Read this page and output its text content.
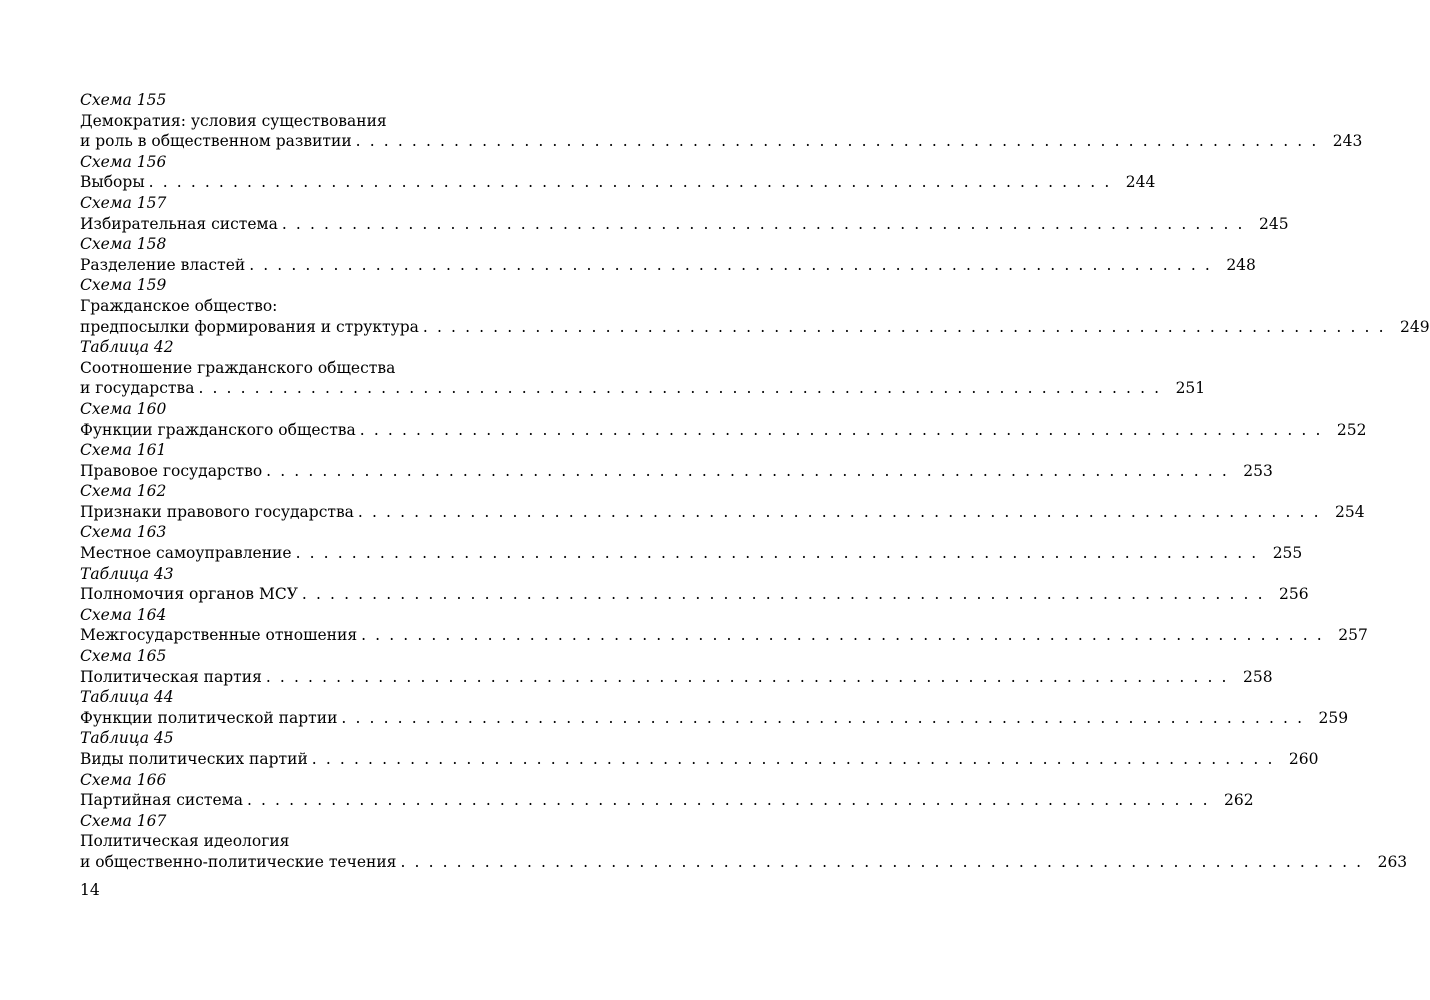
Схема 155
Демократия: условия существования
и роль в общественном развитии . . . . . . . . . . . . . . . . . . . . . . . . . . . . . . . . . . . . . . . . . . . . . . . . . . . . . . . . . . . . . . . . . . . . . 243
Схема 156
Выборы . . . . . . . . . . . . . . . . . . . . . . . . . . . . . . . . . . . . . . . . . . . . . . . . . . . . . . . . . . . . . . . . . . . . . 244
Схема 157
Избирательная система . . . . . . . . . . . . . . . . . . . . . . . . . . . . . . . . . . . . . . . . . . . . . . . . . . . . . . . . . . . . . . . . . . . . . 245
Схема 158
Разделение властей . . . . . . . . . . . . . . . . . . . . . . . . . . . . . . . . . . . . . . . . . . . . . . . . . . . . . . . . . . . . . . . . . . . . . 248
Схема 159
Гражданское общество:
предпосылки формирования и структура . . . . . . . . . . . . . . . . . . . . . . . . . . . . . . . . . . . . . . . . . . . . . . . . . . . . . . . . . . . . . . . . . . . . . 249
Таблица 42
Соотношение гражданского общества
и государства . . . . . . . . . . . . . . . . . . . . . . . . . . . . . . . . . . . . . . . . . . . . . . . . . . . . . . . . . . . . . . . . . . . . . 251
Схема 160
Функции гражданского общества . . . . . . . . . . . . . . . . . . . . . . . . . . . . . . . . . . . . . . . . . . . . . . . . . . . . . . . . . . . . . . . . . . . . . 252
Схема 161
Правовое государство . . . . . . . . . . . . . . . . . . . . . . . . . . . . . . . . . . . . . . . . . . . . . . . . . . . . . . . . . . . . . . . . . . . . . 253
Схема 162
Признаки правового государства . . . . . . . . . . . . . . . . . . . . . . . . . . . . . . . . . . . . . . . . . . . . . . . . . . . . . . . . . . . . . . . . . . . . . 254
Схема 163
Местное самоуправление . . . . . . . . . . . . . . . . . . . . . . . . . . . . . . . . . . . . . . . . . . . . . . . . . . . . . . . . . . . . . . . . . . . . . 255
Таблица 43
Полномочия органов МСУ . . . . . . . . . . . . . . . . . . . . . . . . . . . . . . . . . . . . . . . . . . . . . . . . . . . . . . . . . . . . . . . . . . . . . 256
Схема 164
Межгосударственные отношения . . . . . . . . . . . . . . . . . . . . . . . . . . . . . . . . . . . . . . . . . . . . . . . . . . . . . . . . . . . . . . . . . . . . . 257
Схема 165
Политическая партия . . . . . . . . . . . . . . . . . . . . . . . . . . . . . . . . . . . . . . . . . . . . . . . . . . . . . . . . . . . . . . . . . . . . . 258
Таблица 44
Функции политической партии . . . . . . . . . . . . . . . . . . . . . . . . . . . . . . . . . . . . . . . . . . . . . . . . . . . . . . . . . . . . . . . . . . . . . 259
Таблица 45
Виды политических партий . . . . . . . . . . . . . . . . . . . . . . . . . . . . . . . . . . . . . . . . . . . . . . . . . . . . . . . . . . . . . . . . . . . . . 260
Схема 166
Партийная система . . . . . . . . . . . . . . . . . . . . . . . . . . . . . . . . . . . . . . . . . . . . . . . . . . . . . . . . . . . . . . . . . . . . . 262
Схема 167
Политическая идеология
и общественно-политические течения . . . . . . . . . . . . . . . . . . . . . . . . . . . . . . . . . . . . . . . . . . . . . . . . . . . . . . . . . . . . . . . . . . . . . 263
14
